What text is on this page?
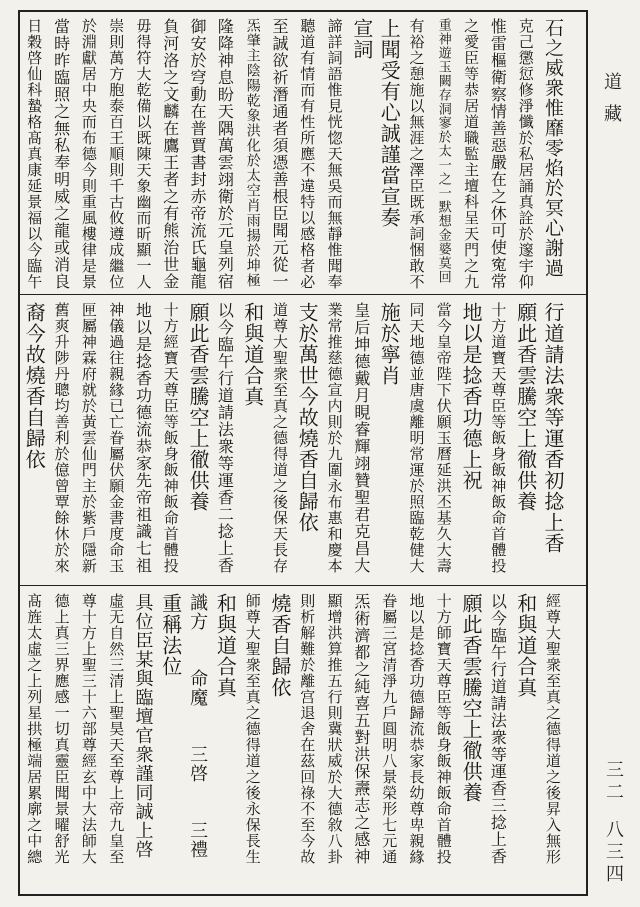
石之威衆惟靡零焰於冥心謝過
克己懲愆修淨懺於私居誦真詮於邃宇仰
惟雷樞衛察情善惡嚴在之休可使寃常
之愛臣等恭居道職監主壇科呈天門之九
重神遊玉闕存洞寥於太一之一默想金婆莫回
有裕之憩施以無涯之澤臣既承詞悃敢不
上聞受有心誠謹當宣奏
宣詞
諦詳詞語惟見恍惚天無吳而無靜惟聞奉
聽道有情而有性所應不違特以感格者必
至誠欲祈潛通者須憑善根臣聞元從一
炁肇主陰陽乾象洪化於太空肖雨揚於坤極
隆降神息盼天隅萬雲翊衛於元皇列宿
御安於穹動在普賈書封赤帝流氏龜龍
負河洛之文麟在鷹王者之有熊治世金
毋得符大乾備以既陳天象幽而昕顯一人
崇則萬方胞泰百王順則千古攸遵成繼位
於淵獻居中央而布德今則重風樓律是景
當時昨臨照之無私奉明威之龍或消良
日穀啓仙科蟄格髙真康延景福以今臨午
行道請法衆等運香初捻上香
願此香雲騰空上徹供養
十方道寶天尊臣等飯身飯神飯命首體投
地以是捻香功德上祝
當今皇帝陛下伏願玉曆延洪丕基久大壽
同天地德並唐虞離明常運於照臨乾健大
施於寧肖
皇后坤德戴月睍睿輝翊贊聖君克昌大
業常推慈德宣内則於九圍永布惠和慶本
支於萬世今故燒香自歸依
道尊大聖衆至真之德得道之後保天長存
和與道合真
以今臨午行道請法衆等運香二捻上香
願此香雲騰空上徹供養
十方經寶天尊臣等飯身飯神飯命首體投
地以是捻香功德流恭家先帝祖識七祖
神儀過往親緣已亡眷屬伏願金書度命玉
匣屬神霖府就於黃雲仙門主於紫戶隱新
舊爽升陟丹聰均善利於億曾覃餘休於來
裔今故燒香自歸依
經尊大聖衆至真之德得道之後昇入無形
和與道合真
以今臨午行道請法衆等運香三捻上香
願此香雲騰空上徹供養
十方師寶天尊臣等飯身飯神飯命首體投
地以是捻香功德歸流恭家長幼尊卑親緣
眷屬三宮清淨九戶圓明八景榮形七元通
炁術濟都之純喜五對洪保燾志之感神
顯增洪算推五行則冀狀威於大德敘八卦
則析解難於離宫退舍在茲回祿不至今故
燒香自歸依
師尊大聖衆至真之德得道之後永保長生
和與道合真
識方　　命魔　　三啓　　三禮
重稱法位
具位臣某與臨壇官衆謹同誠上啓
虛无自然三清上聖昊天至尊上帝九皇至
尊十方上聖三十六部尊經玄中大法師大
德上真三界應感一切真靈臣聞景曜舒光
髙旌太虛之上列星拱極端居累廓之中總
道藏
三二
八三四
